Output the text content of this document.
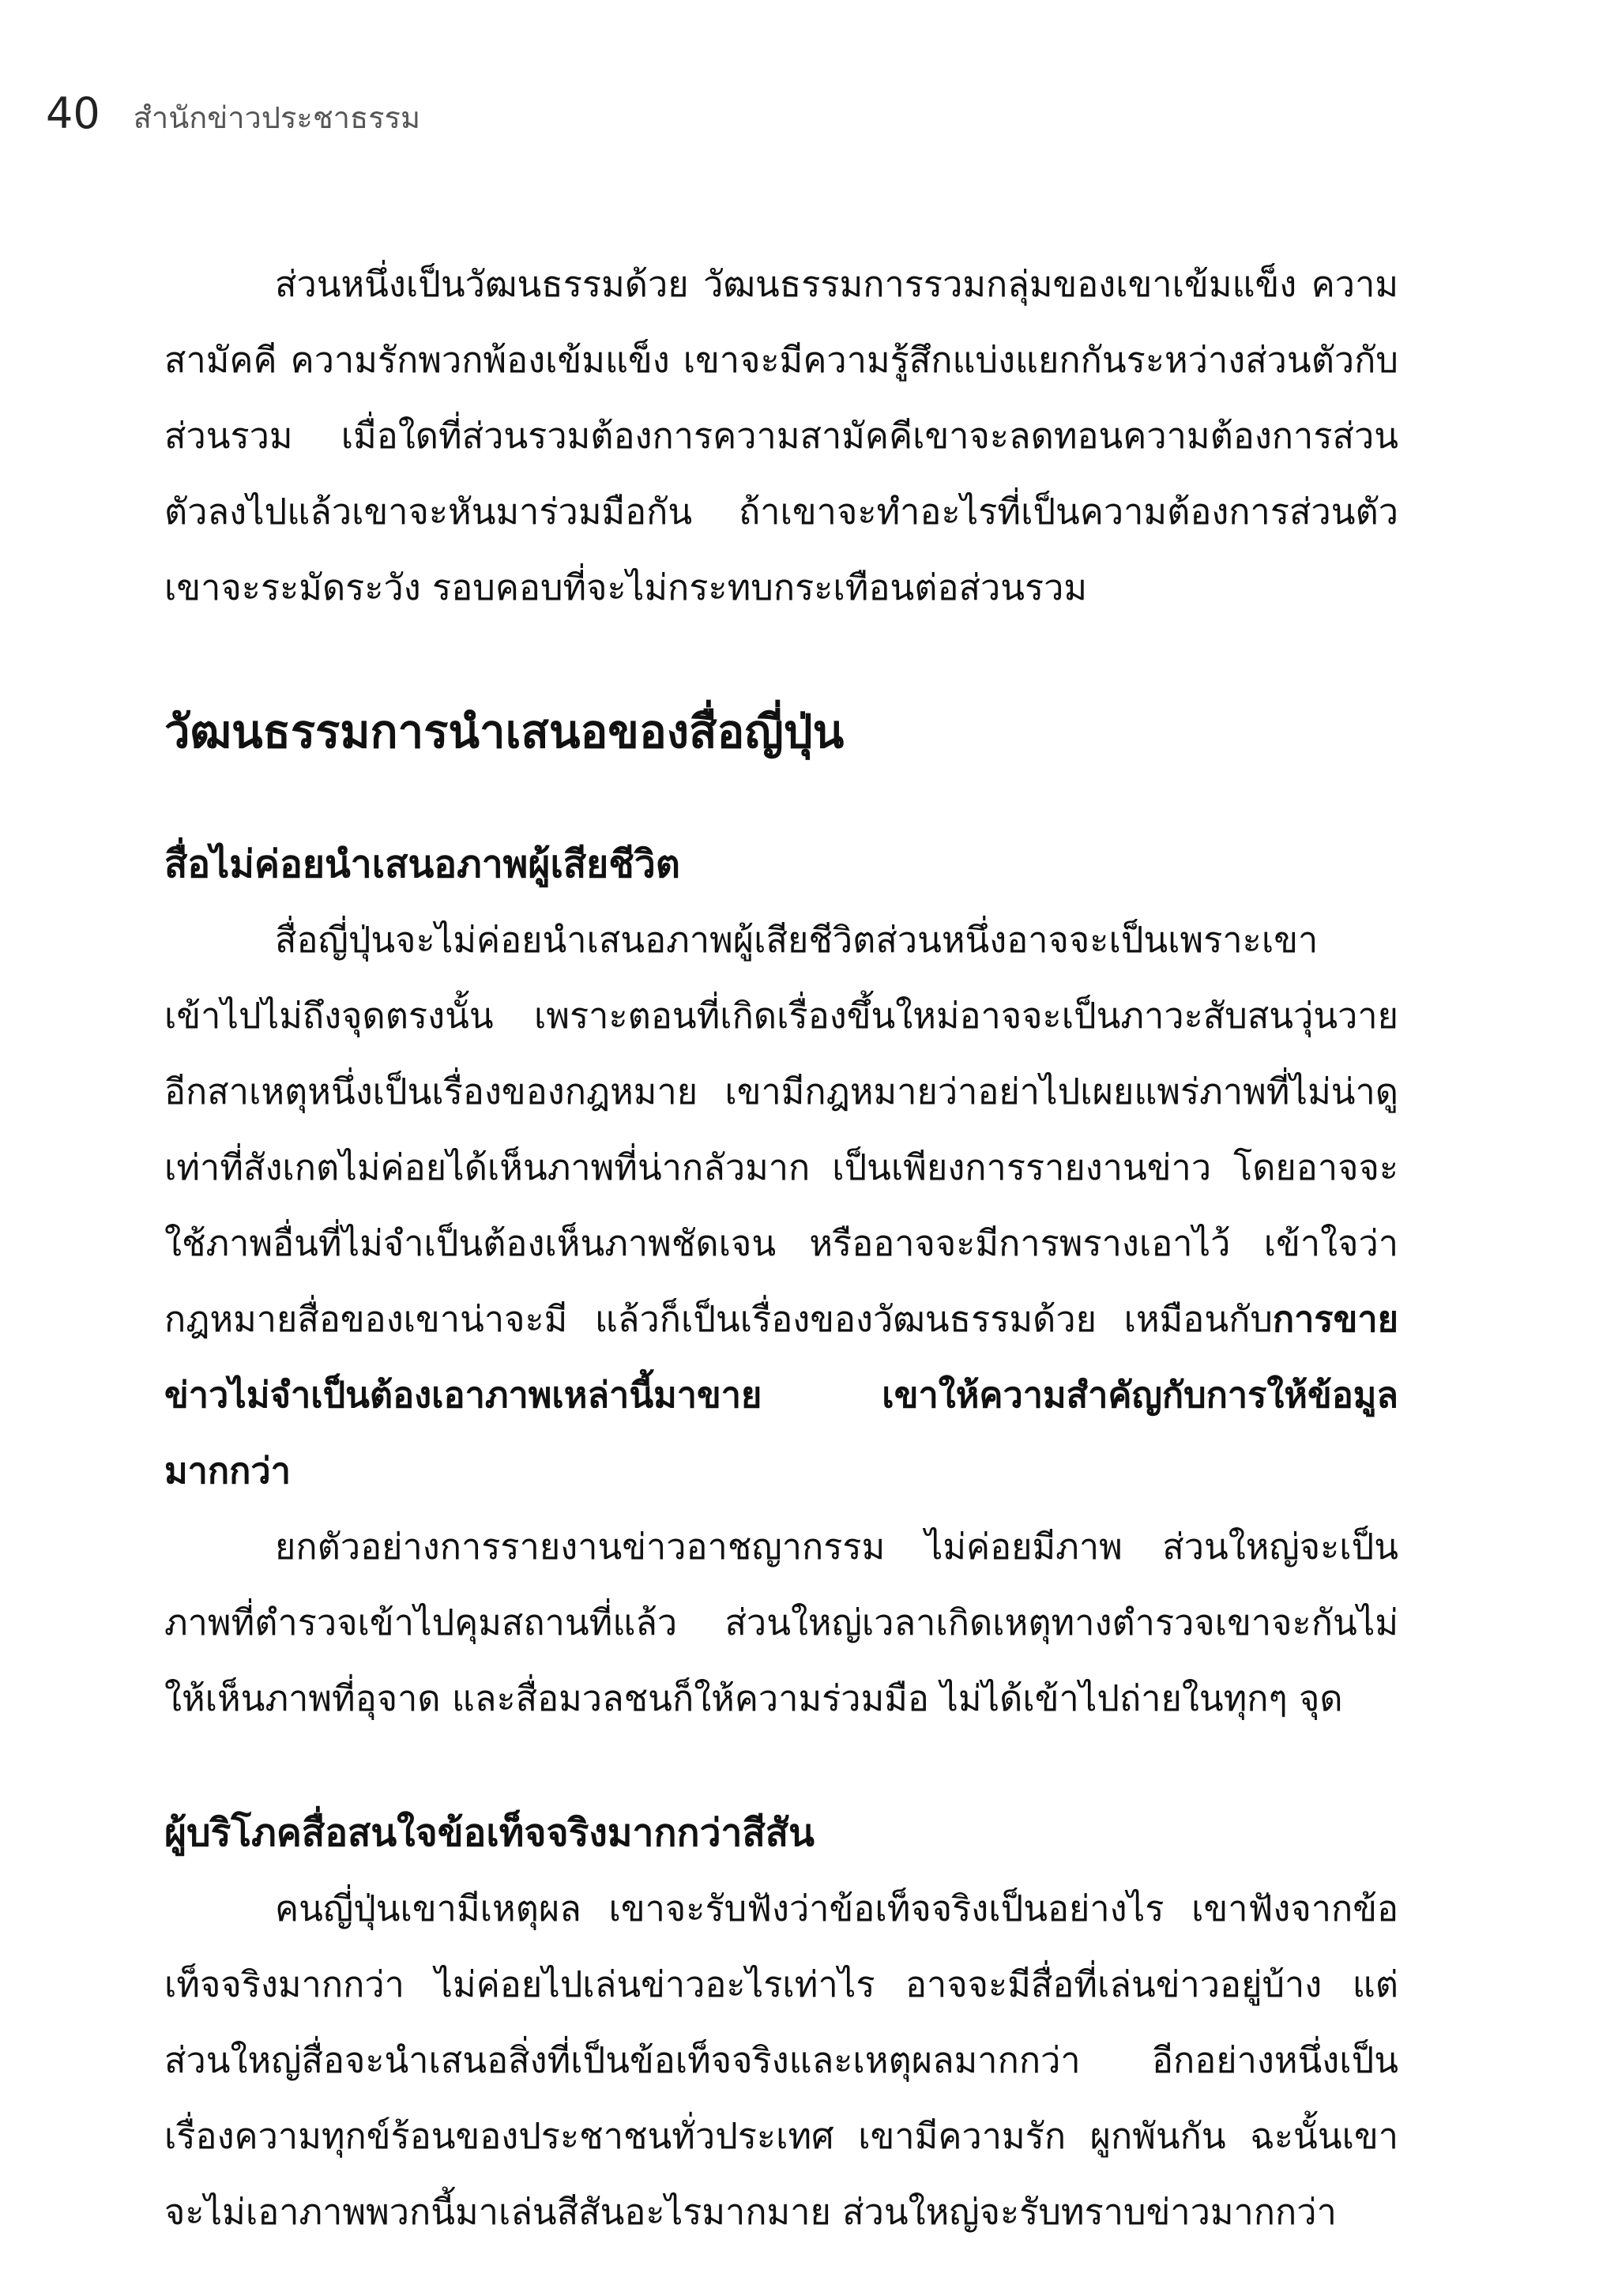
40 สำนักข่าวประชาธรรม

ส่วนหนึ่งเป็นวัฒนธรรมด้วย วัฒนธรรมการรวมกลุ่มของเขาเข้มแข็ง ความสามัคคี ความรักพวกพ้องเข้มแข็ง เขาจะมีความรู้สึกแบ่งแยกกันระหว่างส่วนตัวกับส่วนรวม เมื่อใดที่ส่วนรวมต้องการความสามัคคีเขาจะลดทอนความต้องการส่วนตัวลงไปแล้วเขาจะหันมาร่วมมือกัน ถ้าเขาจะทำอะไรที่เป็นความต้องการส่วนตัว เขาจะระมัดระวัง รอบคอบที่จะไม่กระทบกระเทือนต่อส่วนรวม

วัฒนธรรมการนำเสนอของสื่อญี่ปุ่น
สื่อไม่ค่อยนำเสนอภาพผู้เสียชีวิต

สื่อญี่ปุ่นจะไม่ค่อยนำเสนอภาพผู้เสียชีวิตส่วนหนึ่งอาจจะเป็นเพราะเขาเข้าไปไม่ถึงจุดตรงนั้น เพราะตอนที่เกิดเรื่องขึ้นใหม่อาจจะเป็นภาวะสับสนวุ่นวาย อีกสาเหตุหนึ่งเป็นเรื่องของกฎหมาย เขามีกฎหมายว่าอย่าไปเผยแพร่ภาพที่ไม่น่าดู เท่าที่สังเกตไม่ค่อยได้เห็นภาพที่น่ากลัวมาก เป็นเพียงการรายงานข่าว โดยอาจจะใช้ภาพอื่นที่ไม่จำเป็นต้องเห็นภาพชัดเจน หรืออาจจะมีการพรางเอาไว้ เข้าใจว่ากฎหมายสื่อของเขาน่าจะมี แล้วก็เป็นเรื่องของวัฒนธรรมด้วย เหมือนกับการขายข่าวไม่จำเป็นต้องเอาภาพเหล่านี้มาขาย เขาให้ความสำคัญกับการให้ข้อมูลมากกว่า

ยกตัวอย่างการรายงานข่าวอาชญากรรม ไม่ค่อยมีภาพ ส่วนใหญ่จะเป็นภาพที่ตำรวจเข้าไปคุมสถานที่แล้ว ส่วนใหญ่เวลาเกิดเหตุทางตำรวจเขาจะกันไม่ให้เห็นภาพที่อุจาด และสื่อมวลชนก็ให้ความร่วมมือ ไม่ได้เข้าไปถ่ายในทุกๆ จุด

ผู้บริโภคสื่อสนใจข้อเท็จจริงมากกว่าสีสัน

คนญี่ปุ่นเขามีเหตุผล เขาจะรับฟังว่าข้อเท็จจริงเป็นอย่างไร เขาฟังจากข้อเท็จจริงมากกว่า ไม่ค่อยไปเล่นข่าวอะไรเท่าไร อาจจะมีสื่อที่เล่นข่าวอยู่บ้าง แต่ส่วนใหญ่สื่อจะนำเสนอสิ่งที่เป็นข้อเท็จจริงและเหตุผลมากกว่า อีกอย่างหนึ่งเป็นเรื่องความทุกข์ร้อนของประชาชนทั่วประเทศ เขามีความรัก ผูกพันกัน ฉะนั้นเขาจะไม่เอาภาพพวกนี้มาเล่นสีสันอะไรมากมาย ส่วนใหญ่จะรับทราบข่าวมากกว่า
